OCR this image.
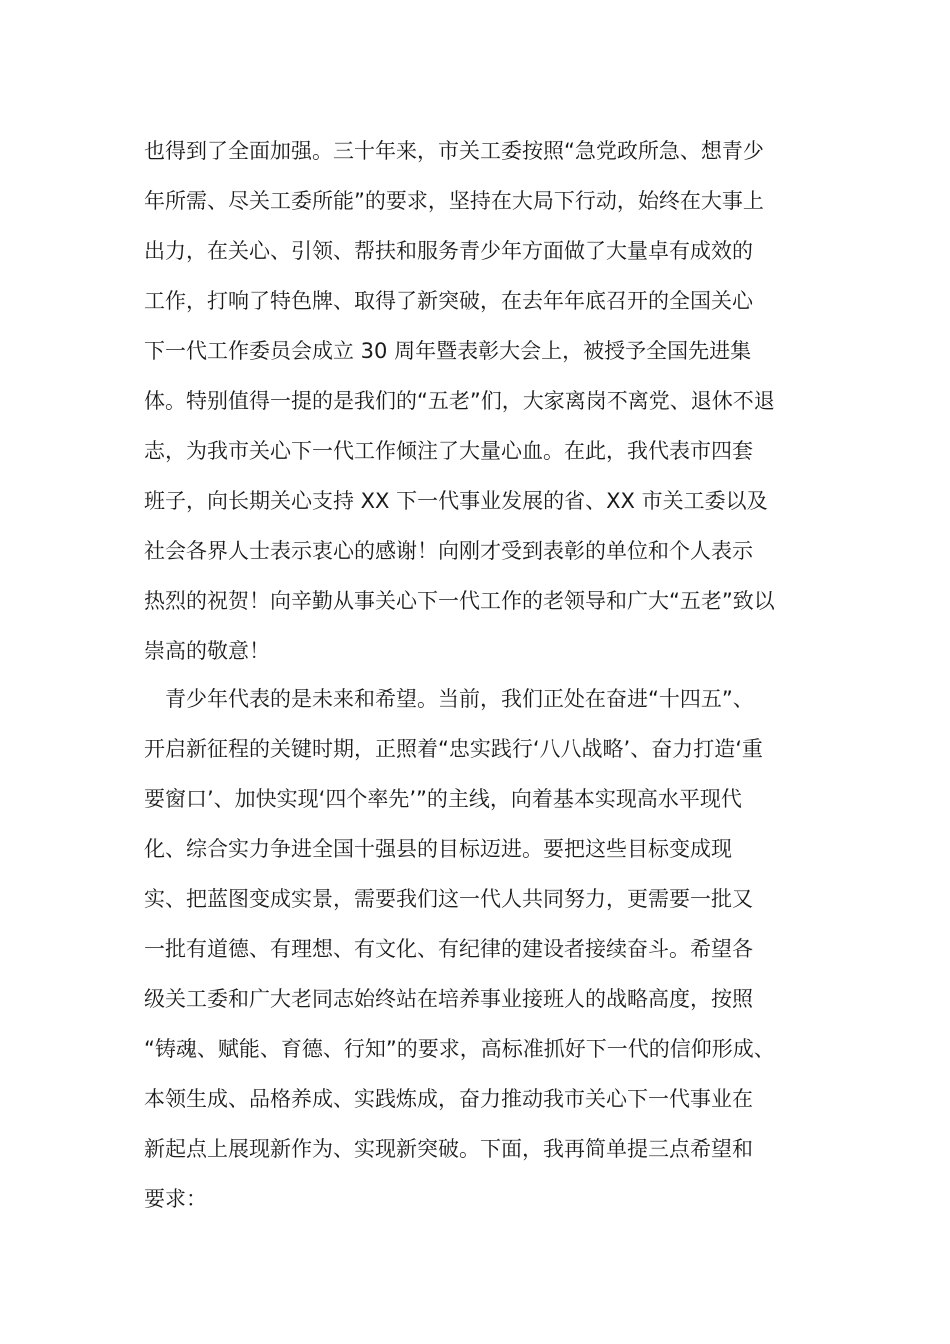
也得到了全面加强。三十年来，市关工委按照“急党政所急、想青少
年所需、尽关工委所能”的要求，坚持在大局下行动，始终在大事上
出力，在关心、引领、帮扶和服务青少年方面做了大量卓有成效的
工作，打响了特色牌、取得了新突破，在去年年底召开的全国关心
下一代工作委员会成立 30 周年暨表彰大会上，被授予全国先进集
体。特别值得一提的是我们的“五老”们，大家离岗不离党、退休不退
志，为我市关心下一代工作倾注了大量心血。在此，我代表市四套
班子，向长期关心支持 XX 下一代事业发展的省、XX 市关工委以及
社会各界人士表示衷心的感谢！向刚才受到表彰的单位和个人表示
热烈的祝贺！向辛勤从事关心下一代工作的老领导和广大“五老”致以
崇高的敬意！
　青少年代表的是未来和希望。当前，我们正处在奋进“十四五”、
开启新征程的关键时期，正照着“忠实践行‘八八战略’、奋力打造‘重
要窗口’、加快实现‘四个率先’”的主线，向着基本实现高水平现代
化、综合实力争进全国十强县的目标迈进。要把这些目标变成现
实、把蓝图变成实景，需要我们这一代人共同努力，更需要一批又
一批有道德、有理想、有文化、有纪律的建设者接续奋斗。希望各
级关工委和广大老同志始终站在培养事业接班人的战略高度，按照
“铸魂、赋能、育德、行知”的要求，高标准抓好下一代的信仰形成、
本领生成、品格养成、实践炼成，奋力推动我市关心下一代事业在
新起点上展现新作为、实现新突破。下面，我再简单提三点希望和
要求：
